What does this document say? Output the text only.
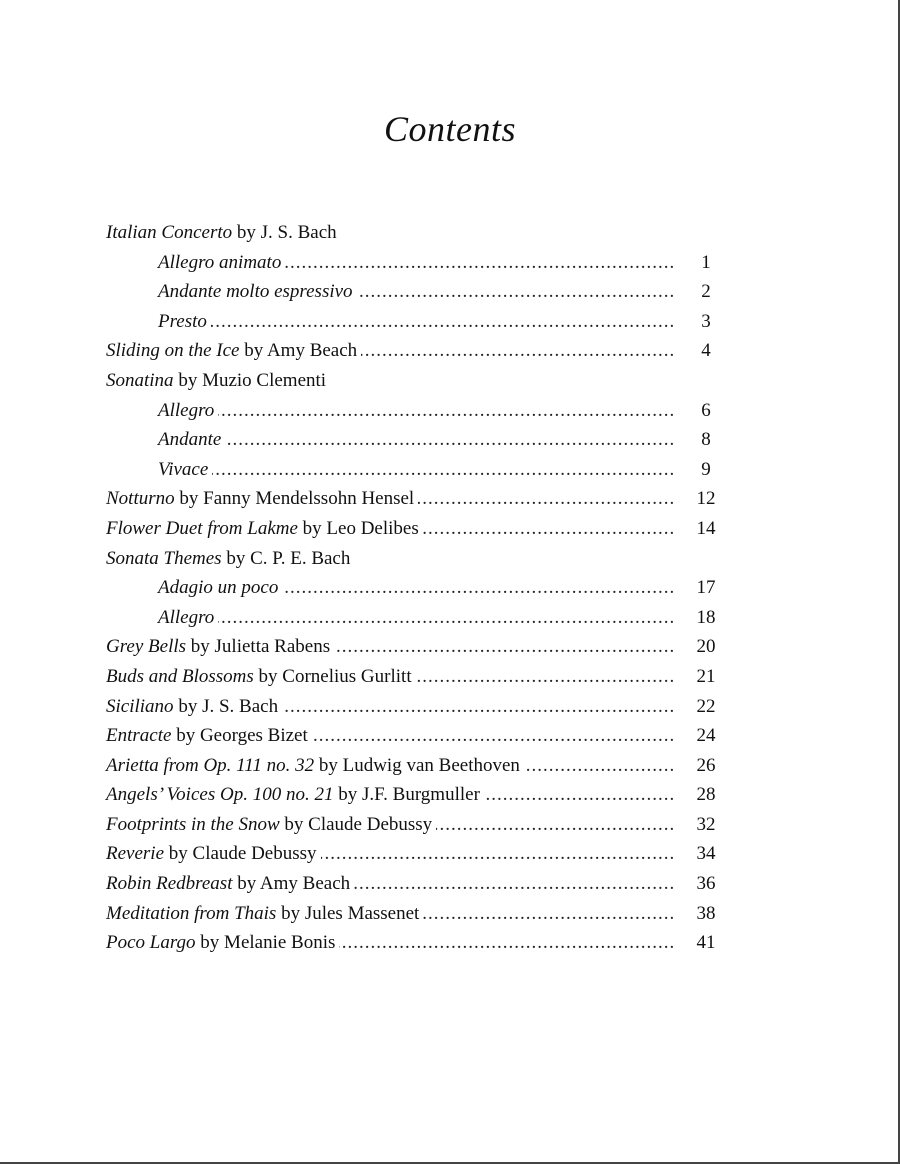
Contents
Italian Concerto by J. S. Bach
.....
Allegro animato	1
.....
Andante molto espressivo	2
.....
Presto	3
.....
Sliding on the Ice by Amy Beach	4
Sonatina by Muzio Clementi
.....
Allegro	6
.....
Andante	8
.....
Vivace	9
.....
Notturno by Fanny Mendelssohn Hensel	12
.....
Flower Duet from Lakme by Leo Delibes	14
Sonata Themes by C. P. E. Bach
.....
Adagio un poco	17
.....
Allegro	18
.....
Grey Bells by Julietta Rabens	20
.....
Buds and Blossoms by Cornelius Gurlitt	21
.....
Siciliano by J. S. Bach	22
.....
Entracte by Georges Bizet	24
.....
Arietta from Op. 111 no. 32 by Ludwig van Beethoven	26
.....
Angels’ Voices Op. 100 no. 21 by J.F. Burgmuller	28
.....
Footprints in the Snow by Claude Debussy	32
.....
Reverie by Claude Debussy	34
.....
Robin Redbreast by Amy Beach	36
.....
Meditation from Thais by Jules Massenet	38
.....
Poco Largo by Melanie Bonis	41
